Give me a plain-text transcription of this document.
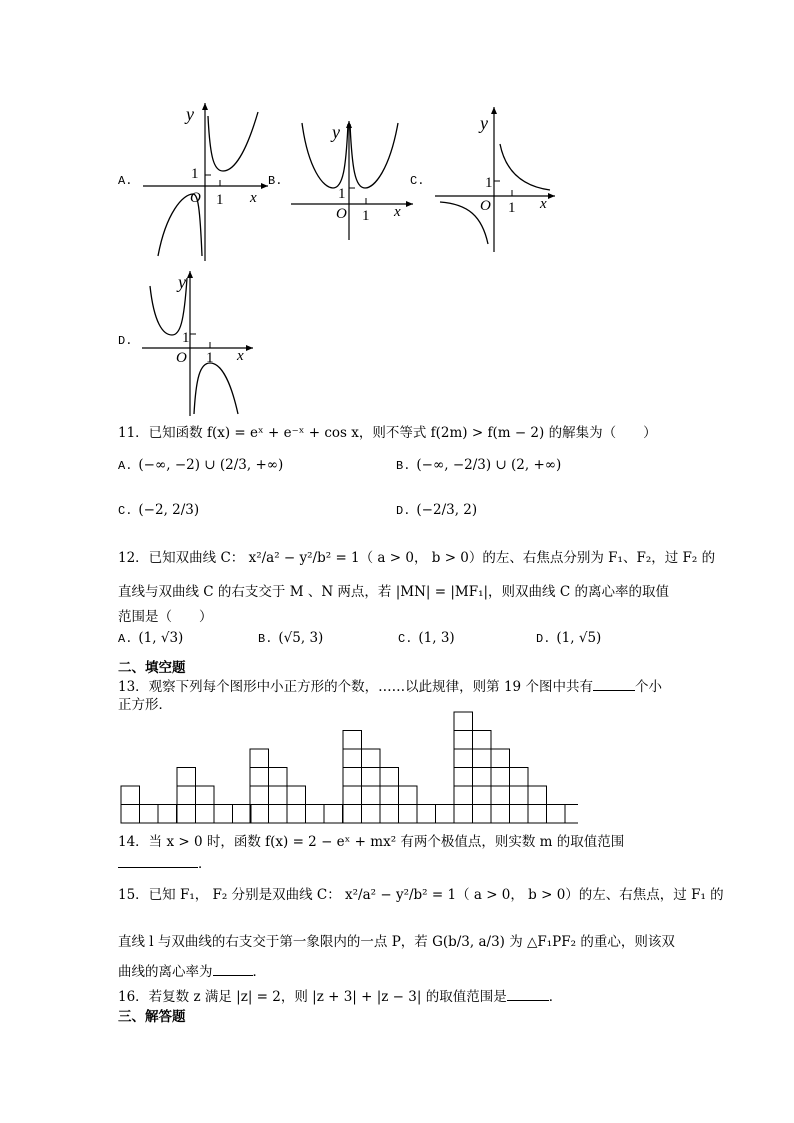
A.
y
1
O 1 x
B.
y
1
O 1 x
C.
y
1
O 1 x
D.
y
1
O 1 x
11．已知函数 f(x) = eˣ + e⁻ˣ + cos x，则不等式 f(2m) > f(m − 2) 的解集为（　　）
A. (−∞, −2) ∪ (2/3, +∞)	B. (−∞, −2/3) ∪ (2, +∞)
C. (−2, 2/3)	D. (−2/3, 2)
12．已知双曲线 C： x²/a² − y²/b² = 1（ a > 0， b > 0）的左、右焦点分别为 F₁、F₂，过 F₂ 的
直线与双曲线 C 的右支交于 M 、N 两点，若 |MN| = |MF₁|，则双曲线 C 的离心率的取值
范围是（　　）
A. (1, √3)	B. (√5, 3)	C. (1, 3)	D. (1, √5)
二、填空题
13．观察下列每个图形中小正方形的个数，……以此规律，则第 19 个图中共有	个小
正方形．
14．当 x > 0 时，函数 f(x) = 2 − eˣ + mx² 有两个极值点，则实数 m 的取值范围
．
15．已知 F₁， F₂ 分别是双曲线 C： x²/a² − y²/b² = 1（ a > 0， b > 0）的左、右焦点，过 F₁ 的
直线 l 与双曲线的右支交于第一象限内的一点 P，若 G(b/3, a/3) 为 △F₁PF₂ 的重心，则该双
曲线的离心率为	．
16．若复数 z 满足 |z| = 2，则 |z + 3| + |z − 3| 的取值范围是	．
三、解答题
